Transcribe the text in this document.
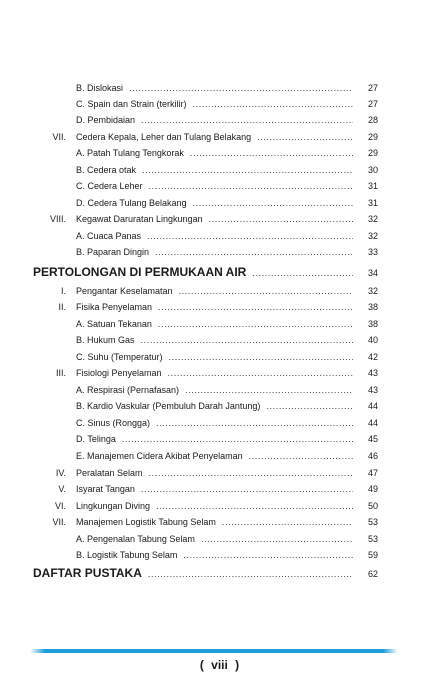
B. Dislokasi .....	27
C. Spain dan Strain (terkilir) .....	27
D. Pembidaian .....	28
VII.	Cedera Kepala, Leher dan Tulang Belakang .....	29
A. Patah Tulang Tengkorak .....	29
B. Cedera otak .....	30
C. Cedera Leher .....	31
D. Cedera Tulang Belakang .....	31
VIII.	Kegawat Daruratan Lingkungan .....	32
A. Cuaca Panas .....	32
B. Paparan Dingin .....	33
PERTOLONGAN DI PERMUKAAN AIR .....	34
I.	Pengantar Keselamatan .....	32
II.	Fisika Penyelaman .....	38
A. Satuan Tekanan .....	38
B. Hukum Gas .....	40
C. Suhu (Temperatur) .....	42
III.	Fisiologi Penyelaman .....	43
A. Respirasi (Pernafasan) .....	43
B. Kardio Vaskular (Pembuluh Darah Jantung) .....	44
C. Sinus (Rongga) .....	44
D. Telinga .....	45
E. Manajemen Cidera Akibat Penyelaman .....	46
IV.	Peralatan Selam .....	47
V.	Isyarat Tangan .....	49
VI.	Lingkungan Diving .....	50
VII.	Manajemen Logistik Tabung Selam .....	53
A. Pengenalan Tabung Selam .....	53
B. Logistik Tabung Selam .....	59
DAFTAR PUSTAKA .....	62
( viii )
